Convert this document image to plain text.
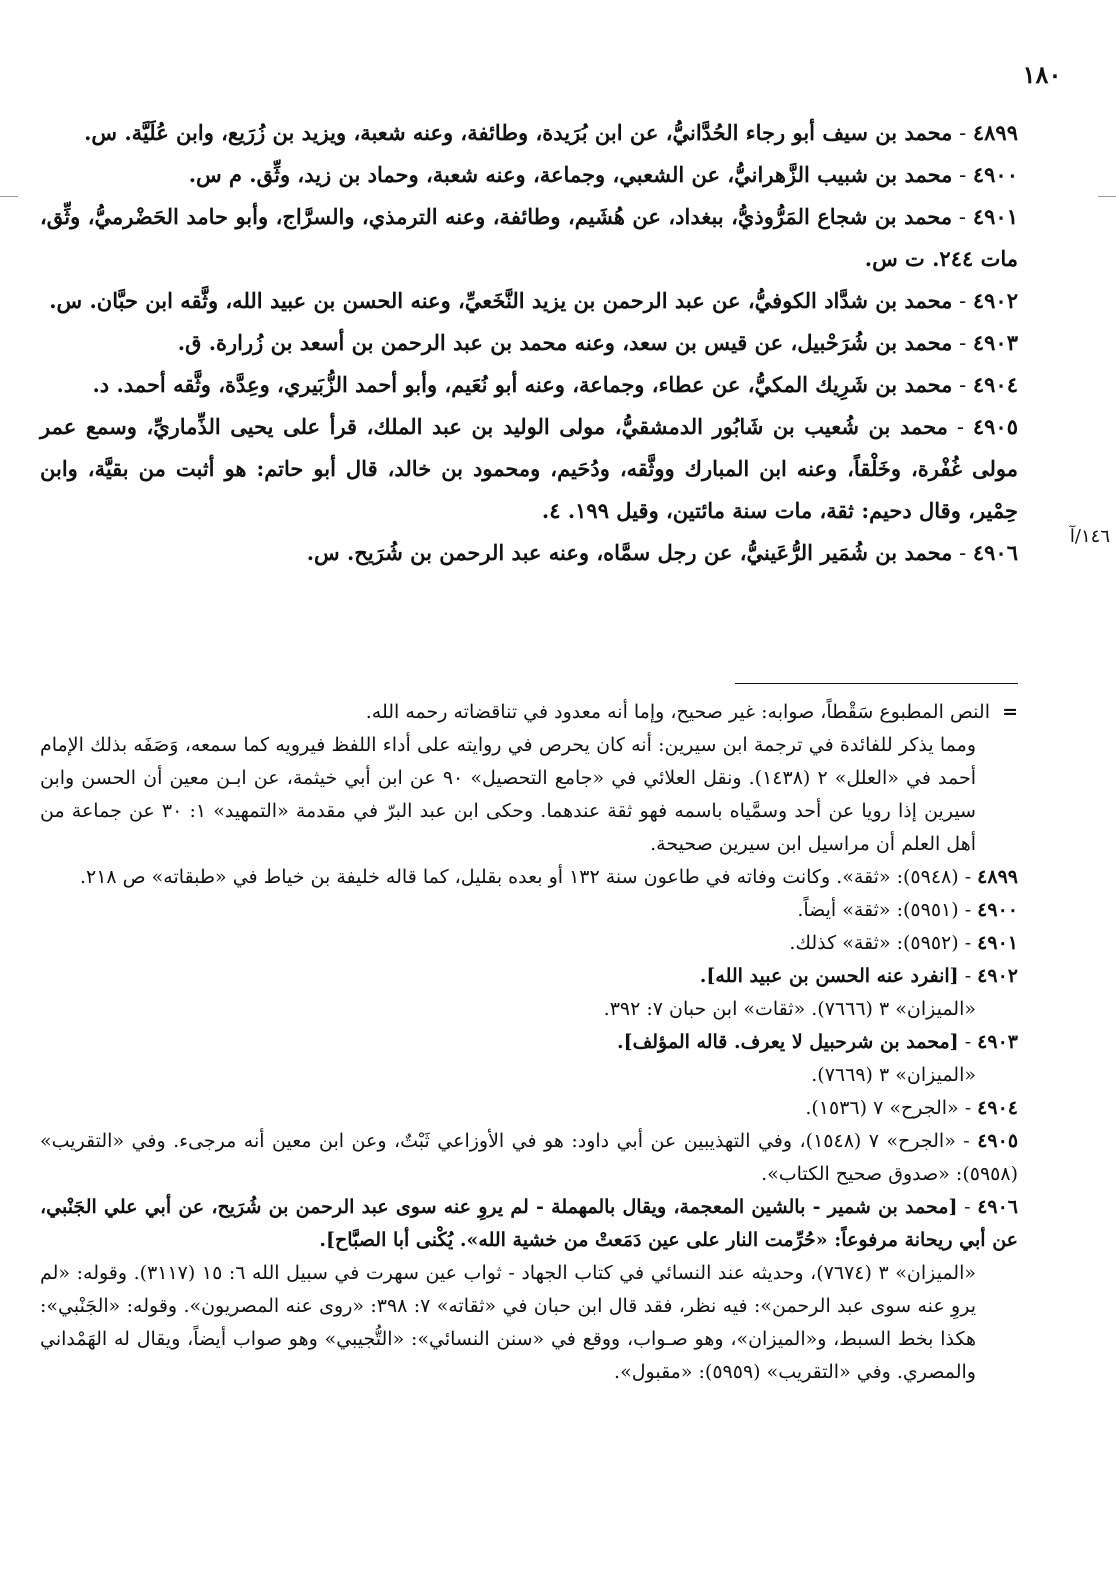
١٨٠
١٤٦/آ

٤٨٩٩ - محمد بن سيف أبو رجاء الحُدَّانيُّ، عن ابن بُرَيدة، وطائفة، وعنه شعبة، ويزيد بن زُرَيع، وابن عُلَيَّة. س.

٤٩٠٠ - محمد بن شبيب الزَّهرانيُّ، عن الشعبي، وجماعة، وعنه شعبة، وحماد بن زيد، وثِّق. م س.

٤٩٠١ - محمد بن شجاع المَرُّوذيُّ، ببغداد، عن هُشَيم، وطائفة، وعنه الترمذي، والسرَّاج، وأبو حامد الحَضْرميُّ، وثِّق، مات ٢٤٤. ت س.

٤٩٠٢ - محمد بن شدَّاد الكوفيُّ، عن عبد الرحمن بن يزيد النَّخَعيِّ، وعنه الحسن بن عبيد الله، وثَّقه ابن حبَّان. س.

٤٩٠٣ - محمد بن شُرَحْبيل، عن قيس بن سعد، وعنه محمد بن عبد الرحمن بن أسعد بن زُرارة. ق.

٤٩٠٤ - محمد بن شَرِيك المكيُّ، عن عطاء، وجماعة، وعنه أبو نُعَيم، وأبو أحمد الزُّبَيري، وعِدَّة، وثَّقه أحمد. د.

٤٩٠٥ - محمد بن شُعيب بن شَابُور الدمشقيُّ، مولى الوليد بن عبد الملك، قرأ على يحيى الذِّماريِّ، وسمع عمر مولى غُفْرة، وخَلْقاً، وعنه ابن المبارك ووثَّقه، ودُحَيم، ومحمود بن خالد، قال أبو حاتم: هو أثبت من بقيَّة، وابن حِمْير، وقال دحيم: ثقة، مات سنة مائتين، وقيل ١٩٩. ٤.

٤٩٠٦ - محمد بن شُمَير الرُّعَينيُّ، عن رجل سمَّاه، وعنه عبد الرحمن بن شُرَيح. س.

=  النص المطبوع سَقْطاً، صوابه: غير صحيح، وإما أنه معدود في تناقضاته رحمه الله.

ومما يذكر للفائدة في ترجمة ابن سيرين: أنه كان يحرص في روايته على أداء اللفظ فيرويه كما سمعه، وَصَفَه بذلك الإمام أحمد في «العلل» ٢ (١٤٣٨). ونقل العلائي في «جامع التحصيل» ٩٠ عن ابن أبي خيثمة، عن ابـن معين أن الحسن وابن سيرين إذا رويا عن أحد وسمَّياه باسمه فهو ثقة عندهما. وحكى ابن عبد البرّ في مقدمة «التمهيد» ١: ٣٠ عن جماعة من أهل العلم أن مراسيل ابن سيرين صحيحة.

٤٨٩٩ - (٥٩٤٨): «ثقة». وكانت وفاته في طاعون سنة ١٣٢ أو بعده بقليل، كما قاله خليفة بن خياط في «طبقاته» ص ٢١٨.

٤٩٠٠ - (٥٩٥١): «ثقة» أيضاً.

٤٩٠١ - (٥٩٥٢): «ثقة» كذلك.

٤٩٠٢ - [انفرد عنه الحسن بن عبيد الله].

«الميزان» ٣ (٧٦٦٦). «ثقات» ابن حبان ٧: ٣٩٢.

٤٩٠٣ - [محمد بن شرحبيل لا يعرف. قاله المؤلف].

«الميزان» ٣ (٧٦٦٩).

٤٩٠٤ - «الجرح» ٧ (١٥٣٦).

٤٩٠٥ - «الجرح» ٧ (١٥٤٨)، وفي التهذيبين عن أبي داود: هو في الأوزاعي ثَبْتٌ، وعن ابن معين أنه مرجىء. وفي «التقريب» (٥٩٥٨): «صدوق صحيح الكتاب».

٤٩٠٦ - [محمد بن شمير - بالشين المعجمة، ويقال بالمهملة - لم يروِ عنه سوى عبد الرحمن بن شُرَيح، عن أبي علي الجَنْبي، عن أبي ريحانة مرفوعاً: «حُرِّمت النار على عين دَمَعتْ من خشية الله». يُكْنى أبا الصبَّاح].

«الميزان» ٣ (٧٦٧٤)، وحديثه عند النسائي في كتاب الجهاد - ثواب عين سهرت في سبيل الله ٦: ١٥ (٣١١٧). وقوله: «لم يروِ عنه سوى عبد الرحمن»: فيه نظر، فقد قال ابن حبان في «ثقاته» ٧: ٣٩٨: «روى عنه المصريون». وقوله: «الجَنْبي»: هكذا بخط السبط، و«الميزان»، وهو صـواب، ووقع في «سنن النسائي»: «التُّجيبي» وهو صواب أيضاً، ويقال له الهَمْداني والمصري. وفي «التقريب» (٥٩٥٩): «مقبول».
